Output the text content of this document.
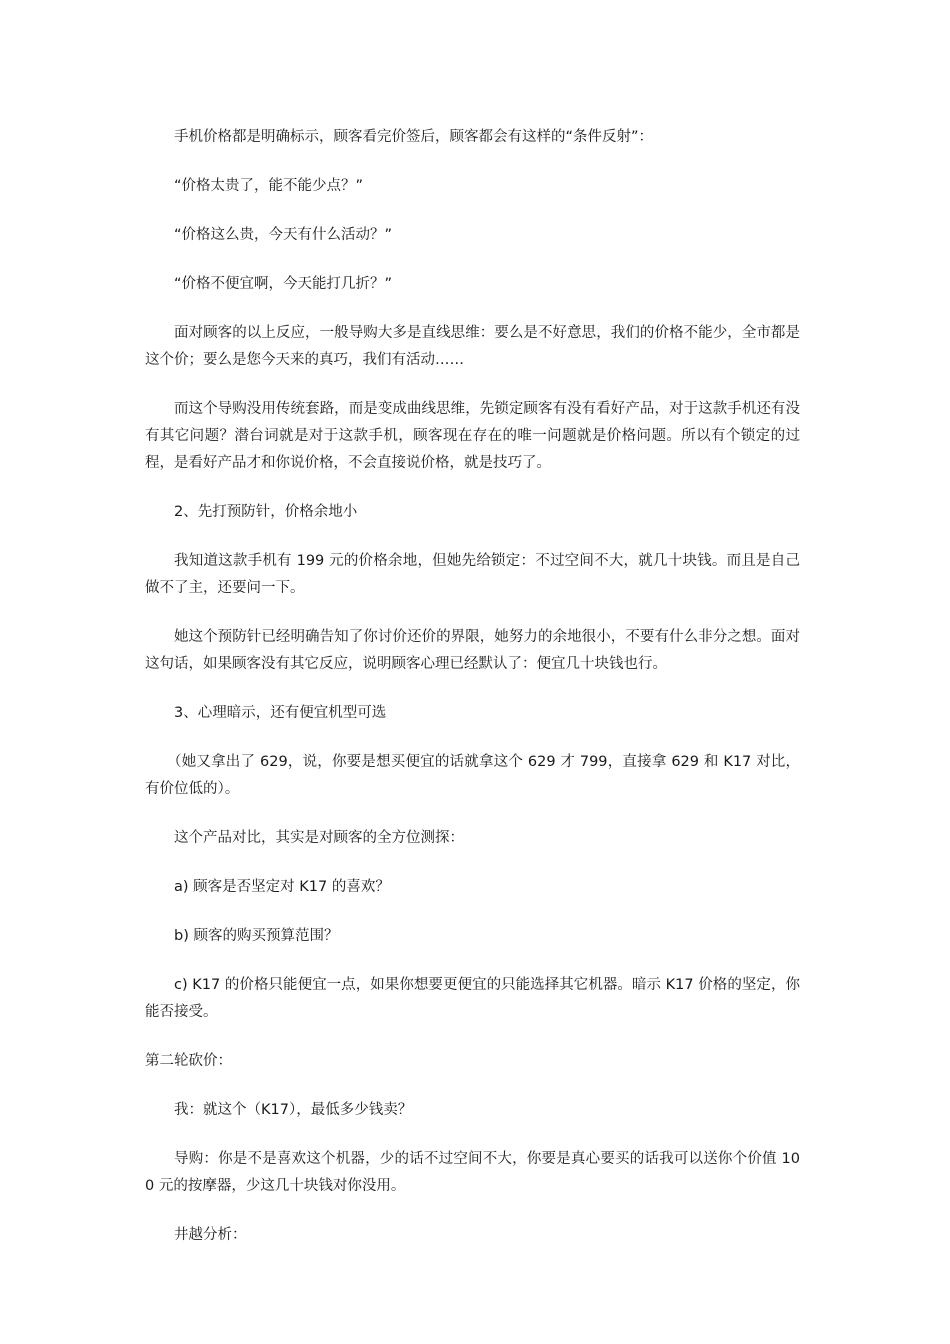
手机价格都是明确标示，顾客看完价签后，顾客都会有这样的“条件反射”：

“价格太贵了，能不能少点？”

“价格这么贵，今天有什么活动？”

“价格不便宜啊，今天能打几折？”

面对顾客的以上反应，一般导购大多是直线思维：要么是不好意思，我们的价格不能少，全市都是这个价；要么是您今天来的真巧，我们有活动……

而这个导购没用传统套路，而是变成曲线思维，先锁定顾客有没有看好产品，对于这款手机还有没有其它问题？潜台词就是对于这款手机，顾客现在存在的唯一问题就是价格问题。所以有个锁定的过程，是看好产品才和你说价格，不会直接说价格，就是技巧了。

2、先打预防针，价格余地小

我知道这款手机有 199 元的价格余地，但她先给锁定：不过空间不大，就几十块钱。而且是自己做不了主，还要问一下。

她这个预防针已经明确告知了你讨价还价的界限，她努力的余地很小，不要有什么非分之想。面对这句话，如果顾客没有其它反应，说明顾客心理已经默认了：便宜几十块钱也行。

3、心理暗示，还有便宜机型可选

（她又拿出了 629，说，你要是想买便宜的话就拿这个 629 才 799，直接拿 629 和 K17 对比，有价位低的）。

这个产品对比，其实是对顾客的全方位测探：

a) 顾客是否坚定对 K17 的喜欢？

b) 顾客的购买预算范围？

c) K17 的价格只能便宜一点，如果你想要更便宜的只能选择其它机器。暗示 K17 价格的坚定，你能否接受。

第二轮砍价：

我：就这个（K17），最低多少钱卖？

导购：你是不是喜欢这个机器，少的话不过空间不大，你要是真心要买的话我可以送你个价值 100 元的按摩器，少这几十块钱对你没用。

井越分析：
